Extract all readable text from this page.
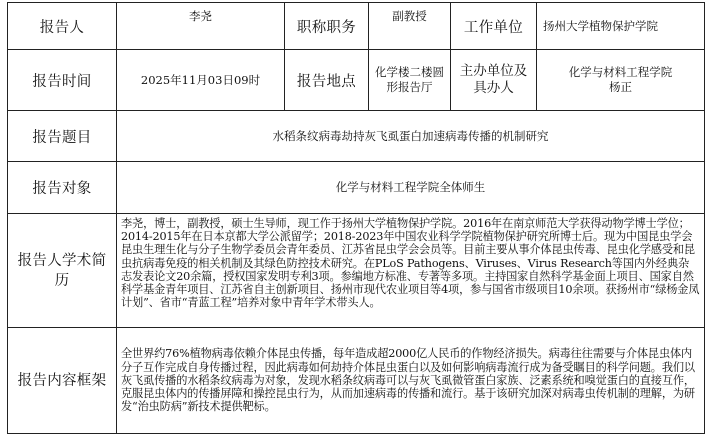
报告人	李尧	职称职务	副教授	工作单位	扬州大学植物保护学院
报告时间	2025年11月03日09时	报告地点	化学楼二楼圆形报告厅	主办单位及具办人	化学与材料工程学院 杨正
报告题目	水稻条纹病毒劫持灰飞虱蛋白加速病毒传播的机制研究				
报告对象	化学与材料工程学院全体师生				
报告人学术简历	李尧，博士，副教授，硕士生导师，现工作于扬州大学植物保护学院。2016年在南京师范大学获得动物学博士学位；2014-2015年在日本京都大学公派留学；2018-2023年中国农业科学学院植物保护研究所博士后。现为中国昆虫学会昆虫生理生化与分子生物学委员会青年委员、江苏省昆虫学会会员等。目前主要从事介体昆虫传毒、昆虫化学感受和昆虫抗病毒免疫的相关机制及其绿色防控技术研究。在PLoS Pathogens、Viruses、Virus Research等国内外经典杂志发表论文20余篇，授权国家发明专利3项。参编地方标准、专著等多项。主持国家自然科学基金面上项目、国家自然科学基金青年项目、江苏省自主创新项目、扬州市现代农业项目等4项，参与国省市级项目10余项。获扬州市“绿杨金凤计划”、省市“青蓝工程”培养对象中青年学术带头人。				
报告内容框架	全世界约76%植物病毒依赖介体昆虫传播，每年造成超2000亿人民币的作物经济损失。病毒往往需要与介体昆虫体内分子互作完成自身传播过程，因此病毒如何劫持介体昆虫蛋白以及如何影响病毒流行成为备受瞩目的科学问题。我们以灰飞虱传播的水稻条纹病毒为对象，发现水稻条纹病毒可以与灰飞虱微管蛋白家族、泛素系统和嗅觉蛋白的直接互作，克服昆虫体内的传播屏障和操控昆虫行为，从而加速病毒的传播和流行。基于该研究加深对病毒虫传机制的理解，为研发“治虫防病”新技术提供靶标。				
